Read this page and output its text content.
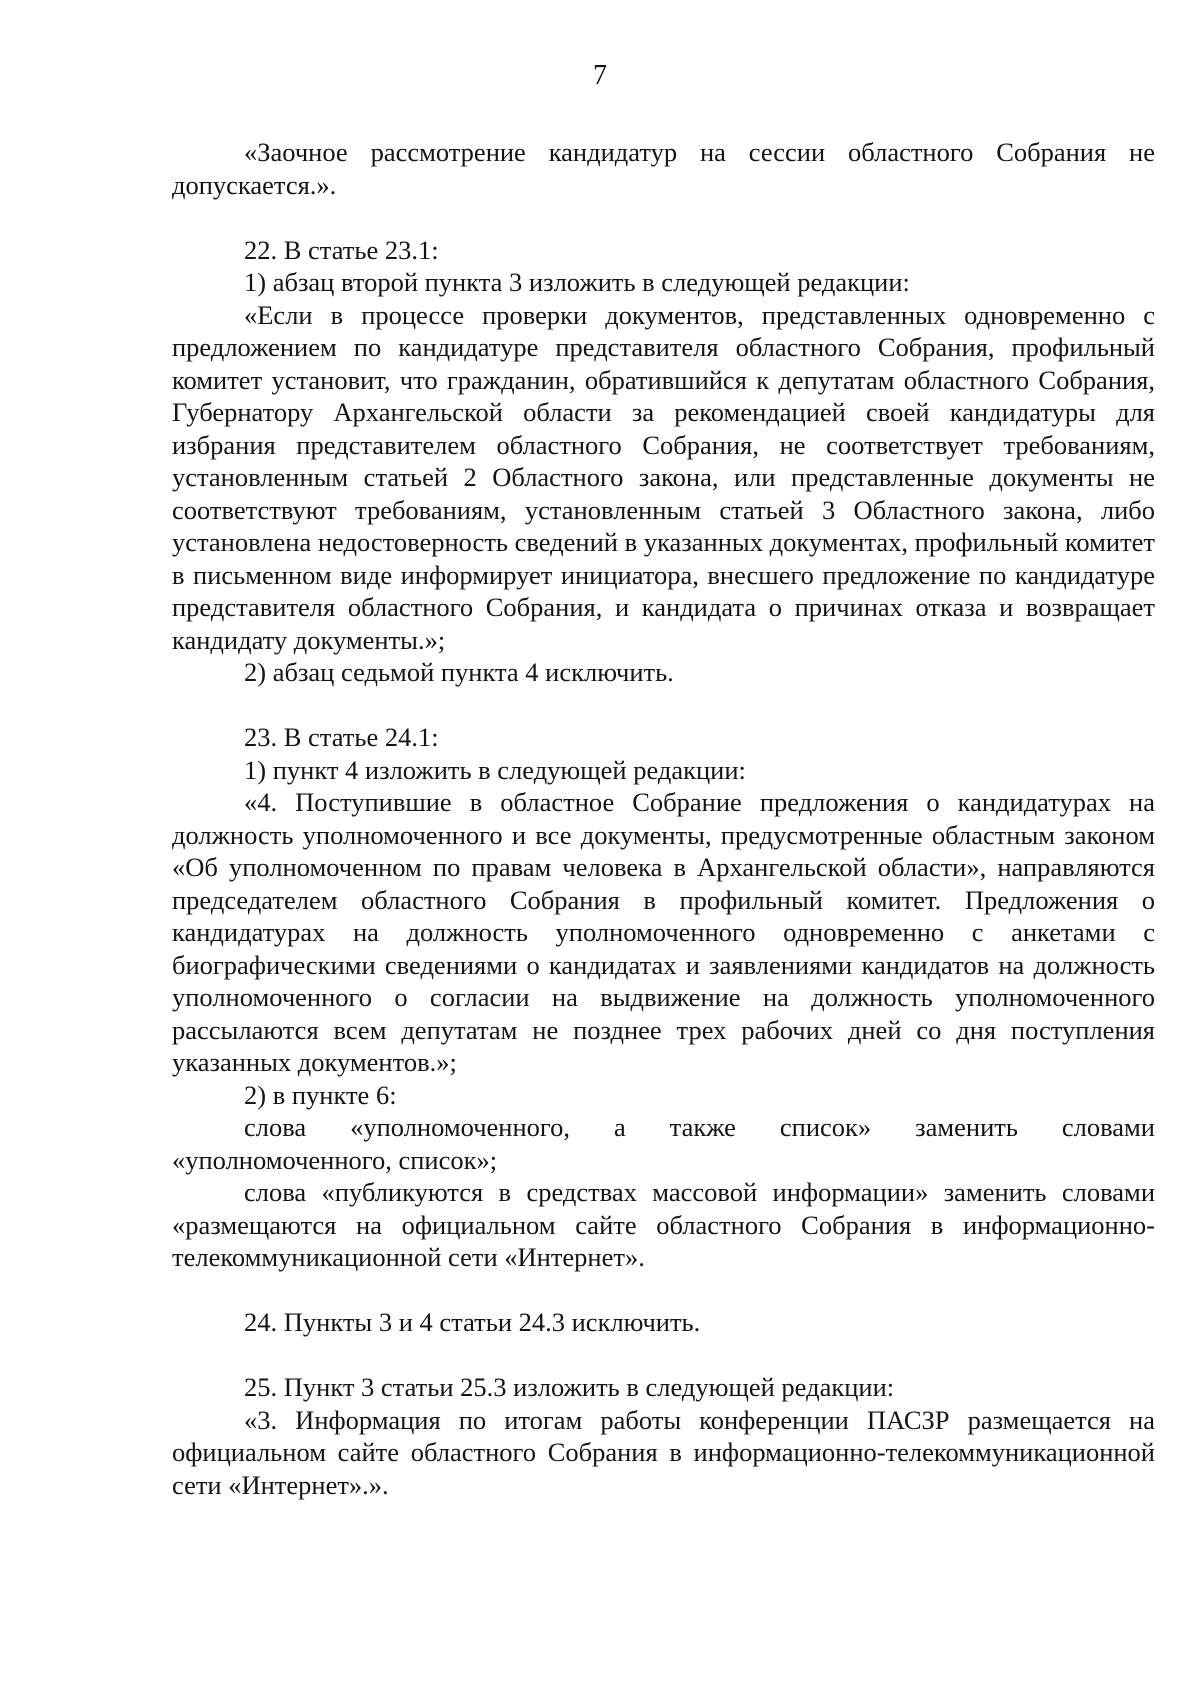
7

«Заочное рассмотрение кандидатур на сессии областного Собрания не допускается.».

22. В статье 23.1:

1) абзац второй пункта 3 изложить в следующей редакции:

«Если в процессе проверки документов, представленных одновременно с предложением по кандидатуре представителя областного Собрания, профильный комитет установит, что гражданин, обратившийся к депутатам областного Собрания, Губернатору Архангельской области за рекомендацией своей кандидатуры для избрания представителем областного Собрания, не соответствует требованиям, установленным статьей 2 Областного закона, или представленные документы не соответствуют требованиям, установленным статьей 3 Областного закона, либо установлена недостоверность сведений в указанных документах, профильный комитет в письменном виде информирует инициатора, внесшего предложение по кандидатуре представителя областного Собрания, и кандидата о причинах отказа и возвращает кандидату документы.»;

2) абзац седьмой пункта 4 исключить.

23. В статье 24.1:

1) пункт 4 изложить в следующей редакции:

«4. Поступившие в областное Собрание предложения о кандидатурах на должность уполномоченного и все документы, предусмотренные областным законом «Об уполномоченном по правам человека в Архангельской области», направляются председателем областного Собрания в профильный комитет. Предложения о кандидатурах на должность уполномоченного одновременно с анкетами с биографическими сведениями о кандидатах и заявлениями кандидатов на должность уполномоченного о согласии на выдвижение на должность уполномоченного рассылаются всем депутатам не позднее трех рабочих дней со дня поступления указанных документов.»;

2) в пункте 6:

слова «уполномоченного, а также список» заменить словами «уполномоченного, список»;

слова «публикуются в средствах массовой информации» заменить словами «размещаются на официальном сайте областного Собрания в информационно-телекоммуникационной сети «Интернет».

24. Пункты 3 и 4 статьи 24.3 исключить.

25. Пункт 3 статьи 25.3 изложить в следующей редакции:

«3. Информация по итогам работы конференции ПАСЗР размещается на официальном сайте областного Собрания в информационно-телекоммуникационной сети «Интернет».».
